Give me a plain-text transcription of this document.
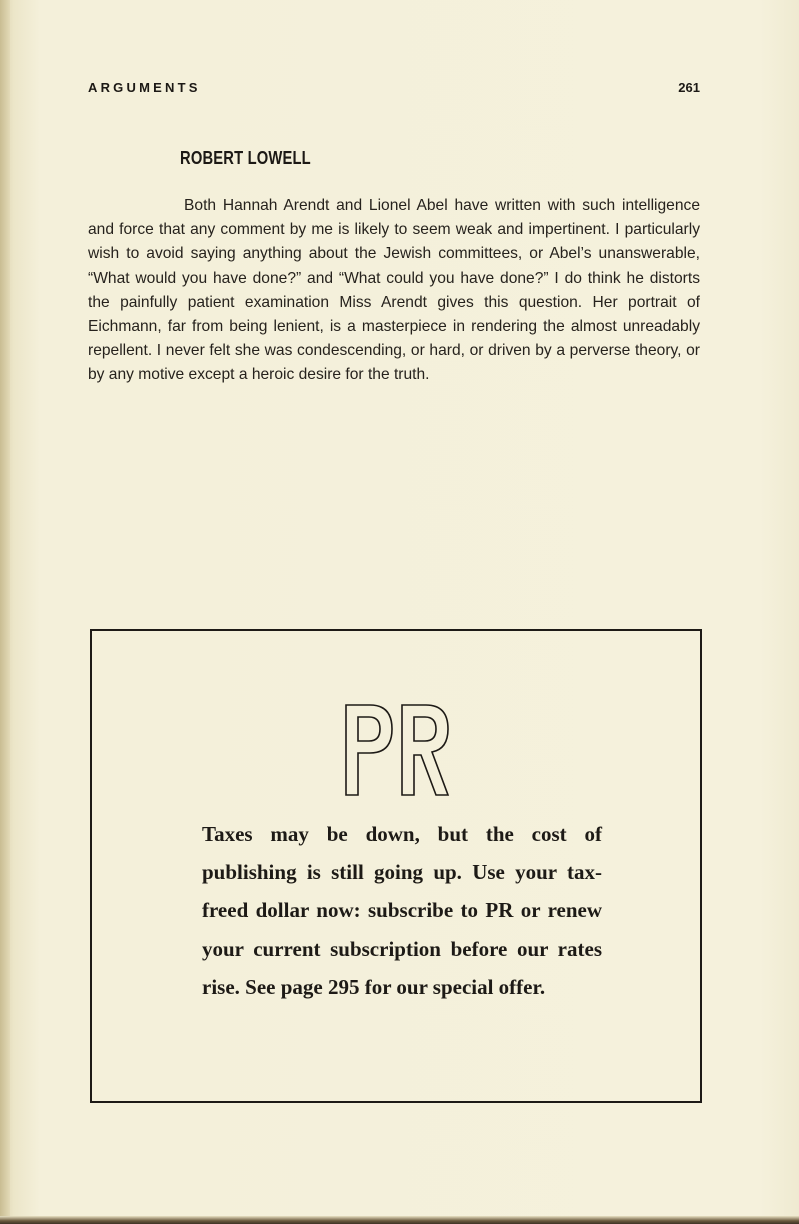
ARGUMENTS	261
ROBERT LOWELL

Both Hannah Arendt and Lionel Abel have written with such intelligence and force that any comment by me is likely to seem weak and impertinent. I particularly wish to avoid saying anything about the Jewish committees, or Abel’s unanswerable, “What would you have done?” and “What could you have done?” I do think he distorts the painfully patient examination Miss Arendt gives this question. Her portrait of Eichmann, far from being lenient, is a masterpiece in rendering the almost unreadably repellent. I never felt she was condescending, or hard, or driven by a perverse theory, or by any motive except a heroic desire for the truth.

Taxes may be down, but the cost of publishing is still going up. Use your tax-freed dollar now: subscribe to PR or renew your current subscription before our rates rise. See page 295 for our special offer.
